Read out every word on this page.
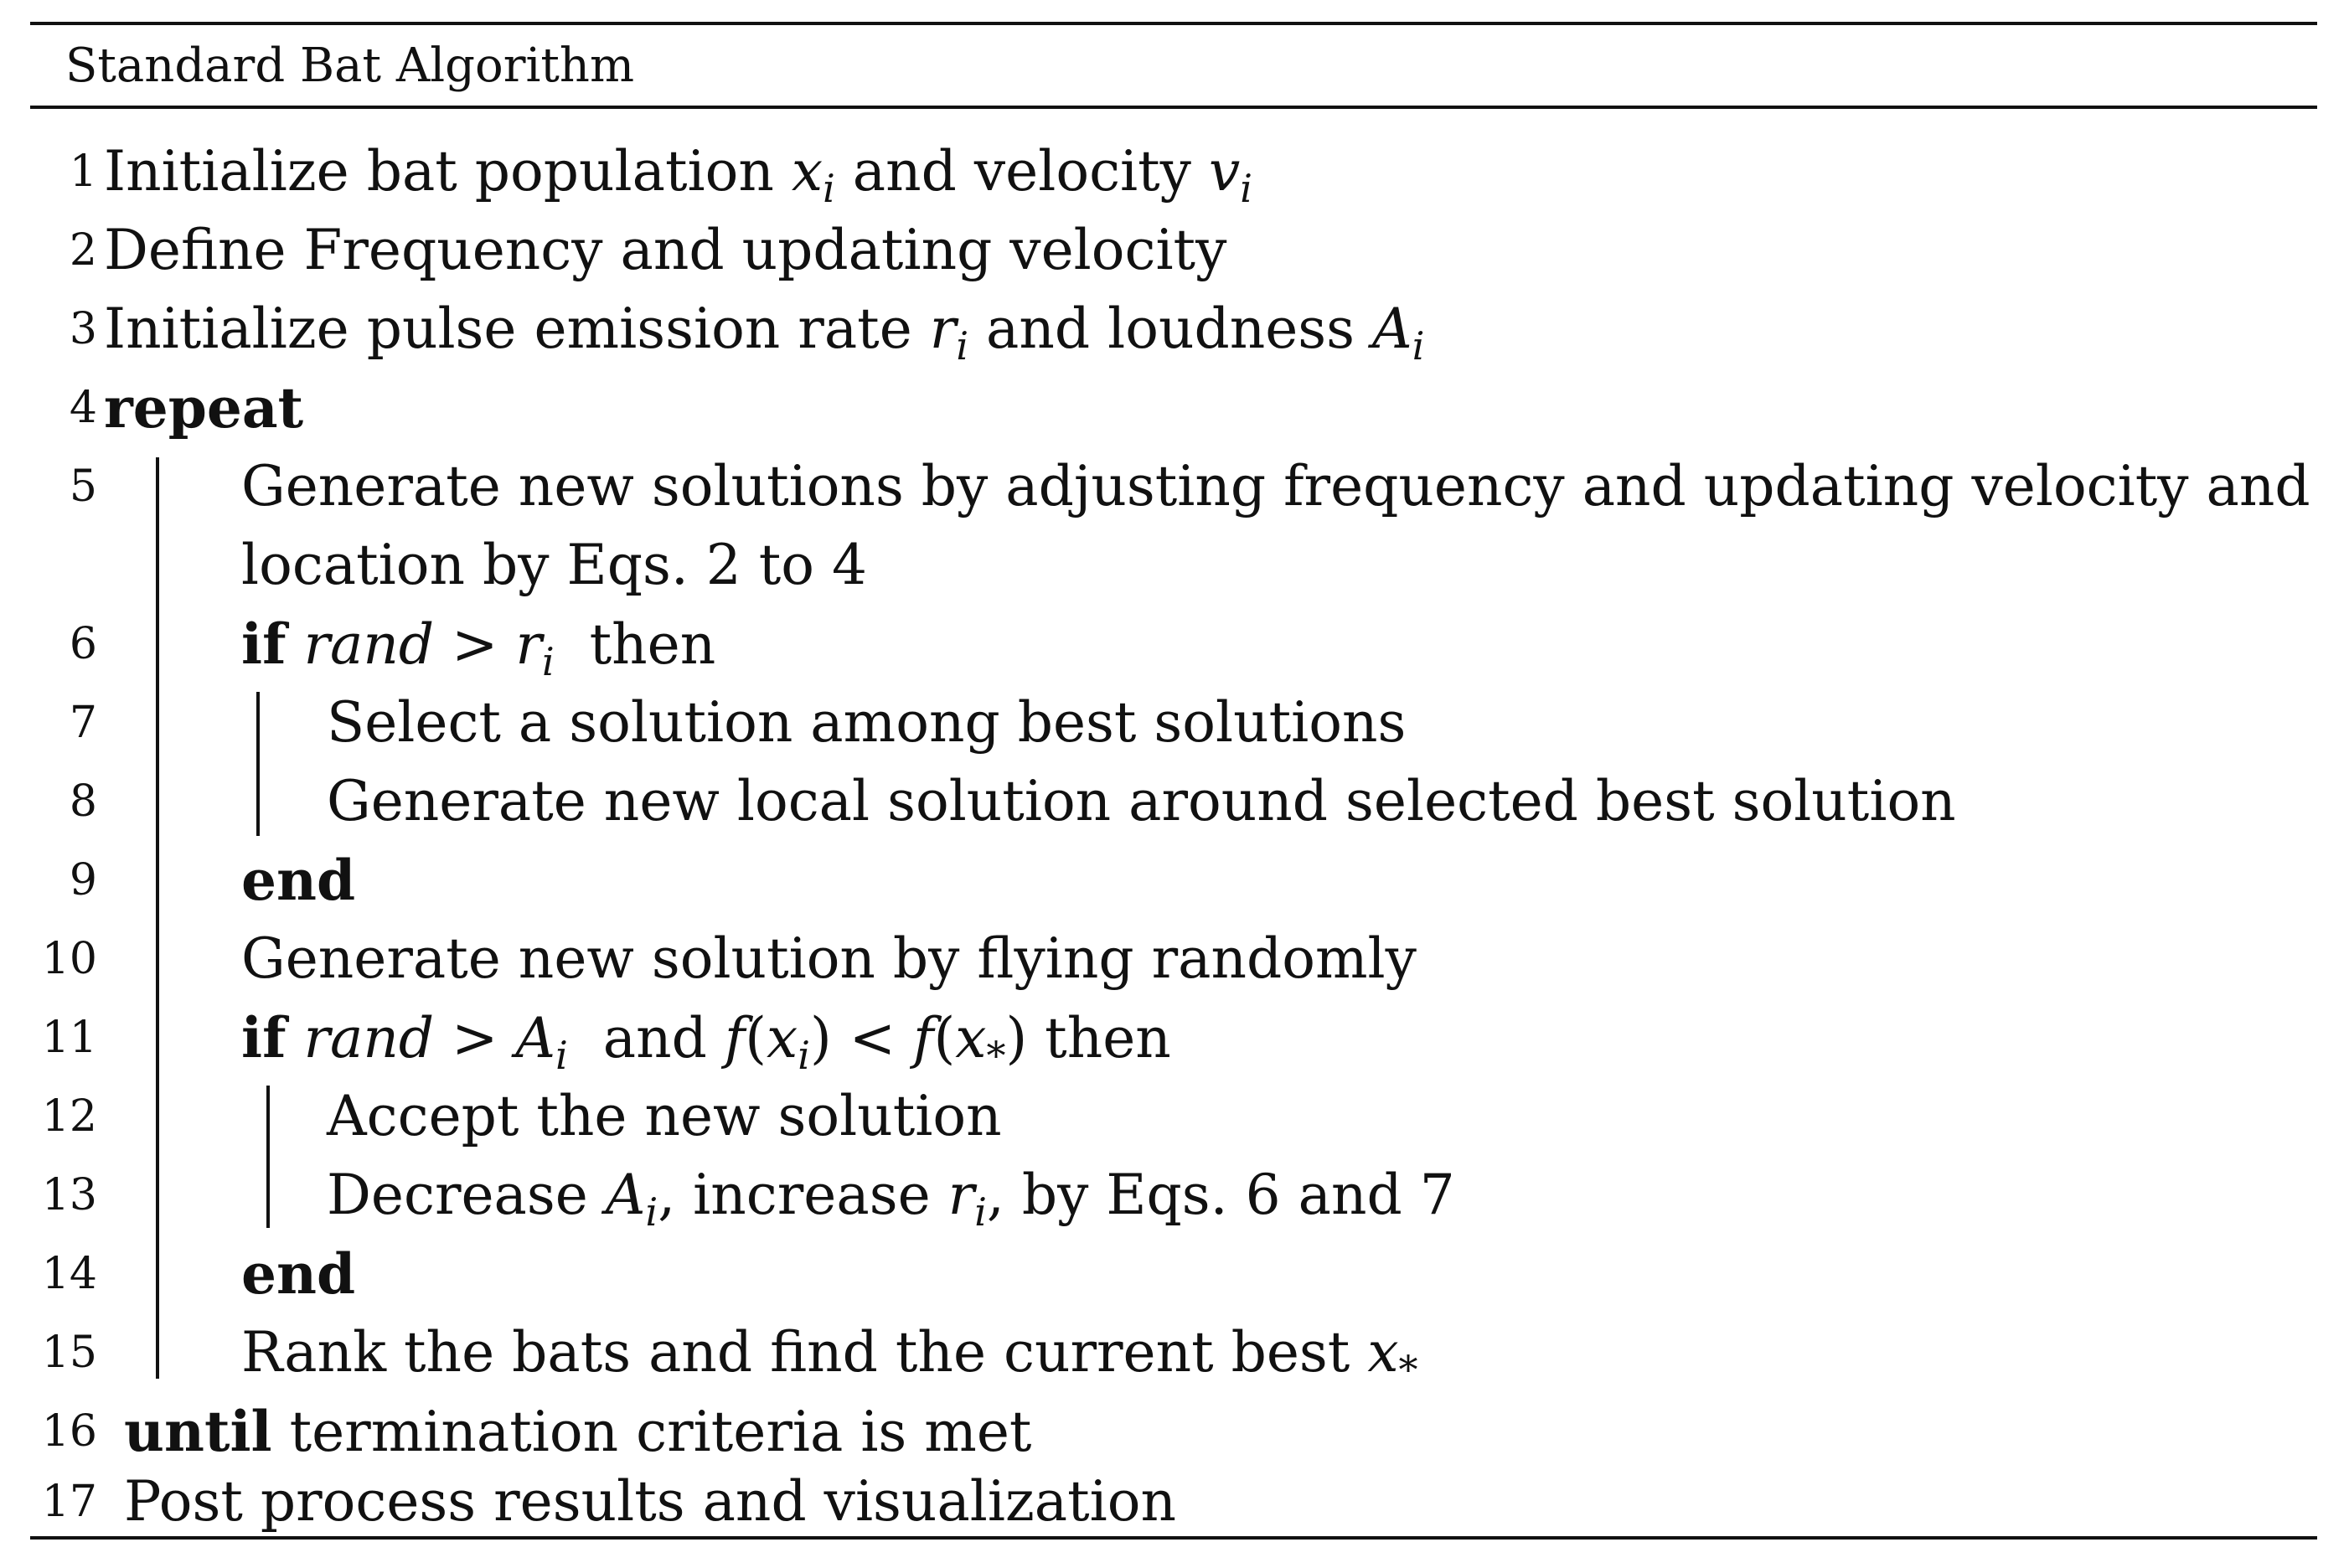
Standard Bat Algorithm
1 Initialize bat population $x_i$ and velocity $v_i$
2 Define Frequency and updating velocity
3 Initialize pulse emission rate $r_i$ and loudness $A_i$
4 repeat
5	Generate new solutions by adjusting frequency and updating velocity and
location by Eqs. 2 to 4
6	if rand > $r_i$ then
7	Select a solution among best solutions
8	Generate new local solution around selected best solution
9	end
10	Generate new solution by flying randomly
11	if rand > $A_i$ and $f(x_i) < f(x_*)$ then
12	Accept the new solution
13	Decrease $A_i$, increase $r_i$, by Eqs. 6 and 7
14	end
15	Rank the bats and find the current best $x_*$
16 until termination criteria is met
17 Post process results and visualization
